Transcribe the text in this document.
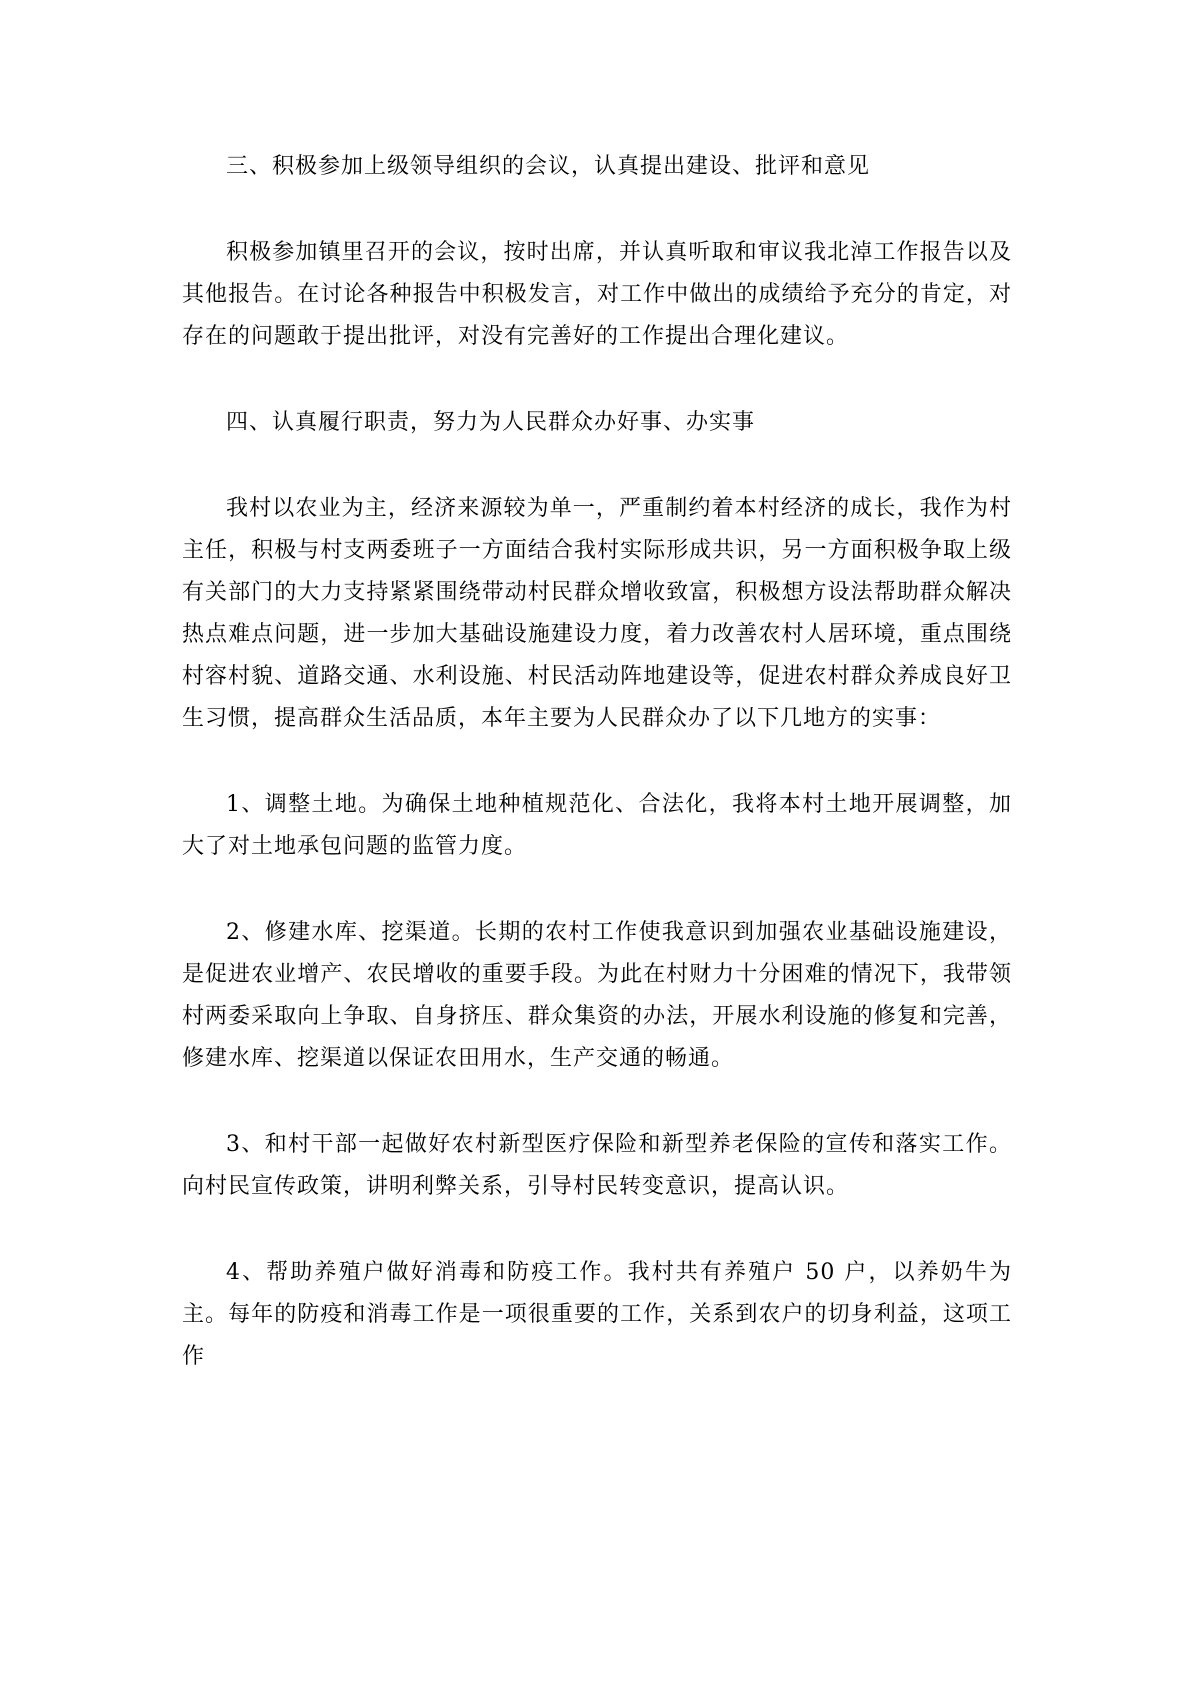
三、积极参加上级领导组织的会议，认真提出建设、批评和意见

积极参加镇里召开的会议，按时出席，并认真听取和审议我北淖工作报告以及其他报告。在讨论各种报告中积极发言，对工作中做出的成绩给予充分的肯定，对存在的问题敢于提出批评，对没有完善好的工作提出合理化建议。

四、认真履行职责，努力为人民群众办好事、办实事

我村以农业为主，经济来源较为单一，严重制约着本村经济的成长，我作为村主任，积极与村支两委班子一方面结合我村实际形成共识，另一方面积极争取上级有关部门的大力支持紧紧围绕带动村民群众增收致富，积极想方设法帮助群众解决热点难点问题，进一步加大基础设施建设力度，着力改善农村人居环境，重点围绕村容村貌、道路交通、水利设施、村民活动阵地建设等，促进农村群众养成良好卫生习惯，提高群众生活品质，本年主要为人民群众办了以下几地方的实事：

1、调整土地。为确保土地种植规范化、合法化，我将本村土地开展调整，加大了对土地承包问题的监管力度。

2、修建水库、挖渠道。长期的农村工作使我意识到加强农业基础设施建设，是促进农业增产、农民增收的重要手段。为此在村财力十分困难的情况下，我带领村两委采取向上争取、自身挤压、群众集资的办法，开展水利设施的修复和完善，修建水库、挖渠道以保证农田用水，生产交通的畅通。

3、和村干部一起做好农村新型医疗保险和新型养老保险的宣传和落实工作。向村民宣传政策，讲明利弊关系，引导村民转变意识，提高认识。

4、帮助养殖户做好消毒和防疫工作。我村共有养殖户 50 户，以养奶牛为主。每年的防疫和消毒工作是一项很重要的工作，关系到农户的切身利益，这项工作
